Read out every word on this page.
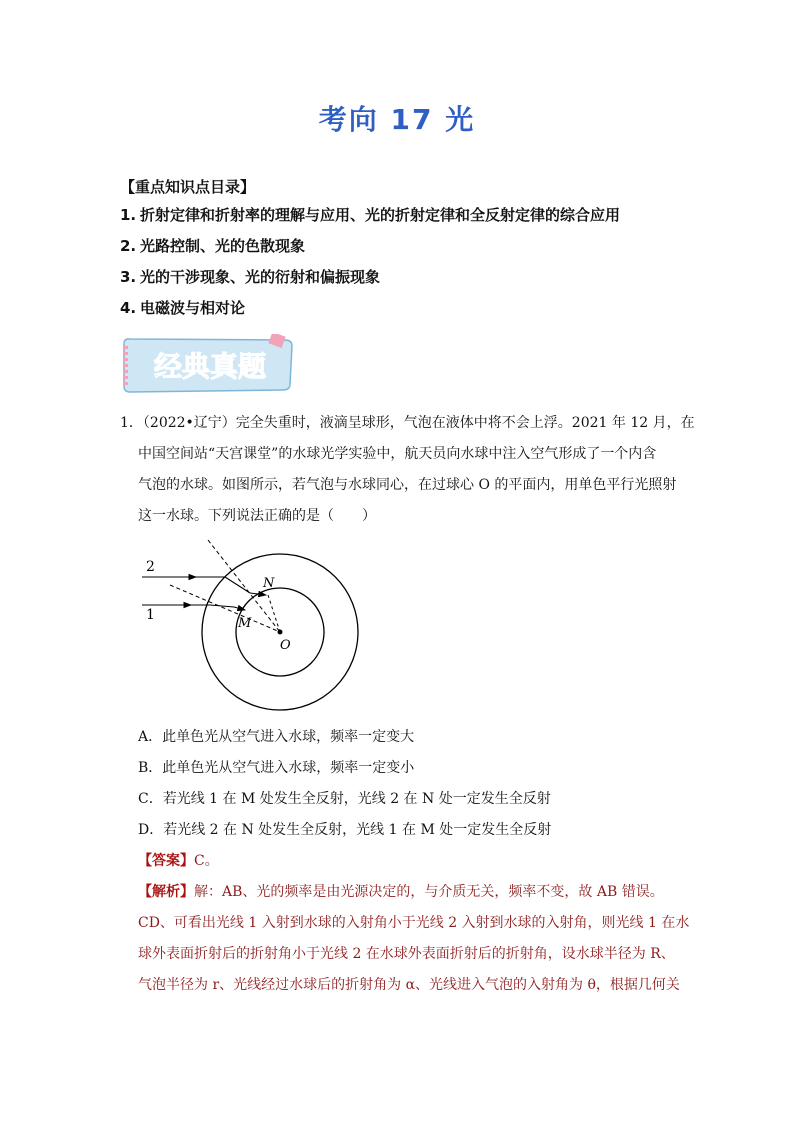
考向 17 光
【重点知识点目录】
1. 折射定律和折射率的理解与应用、光的折射定律和全反射定律的综合应用
2. 光路控制、光的色散现象
3. 光的干涉现象、光的衍射和偏振现象
4. 电磁波与相对论
经典真题
1．（2022•辽宁）完全失重时，液滴呈球形，气泡在液体中将不会上浮。2021 年 12 月，在
中国空间站“天宫课堂”的水球光学实验中，航天员向水球中注入空气形成了一个内含
气泡的水球。如图所示，若气泡与水球同心，在过球心 O 的平面内，用单色平行光照射
这一水球。下列说法正确的是（　　）
2
1
N
M
O
A．此单色光从空气进入水球，频率一定变大
B．此单色光从空气进入水球，频率一定变小
C．若光线 1 在 M 处发生全反射，光线 2 在 N 处一定发生全反射
D．若光线 2 在 N 处发生全反射，光线 1 在 M 处一定发生全反射
【答案】C。
【解析】解：AB、光的频率是由光源决定的，与介质无关，频率不变，故 AB 错误。
CD、可看出光线 1 入射到水球的入射角小于光线 2 入射到水球的入射角，则光线 1 在水
球外表面折射后的折射角小于光线 2 在水球外表面折射后的折射角，设水球半径为 R、
气泡半径为 r、光线经过水球后的折射角为 α、光线进入气泡的入射角为 θ，根据几何关
